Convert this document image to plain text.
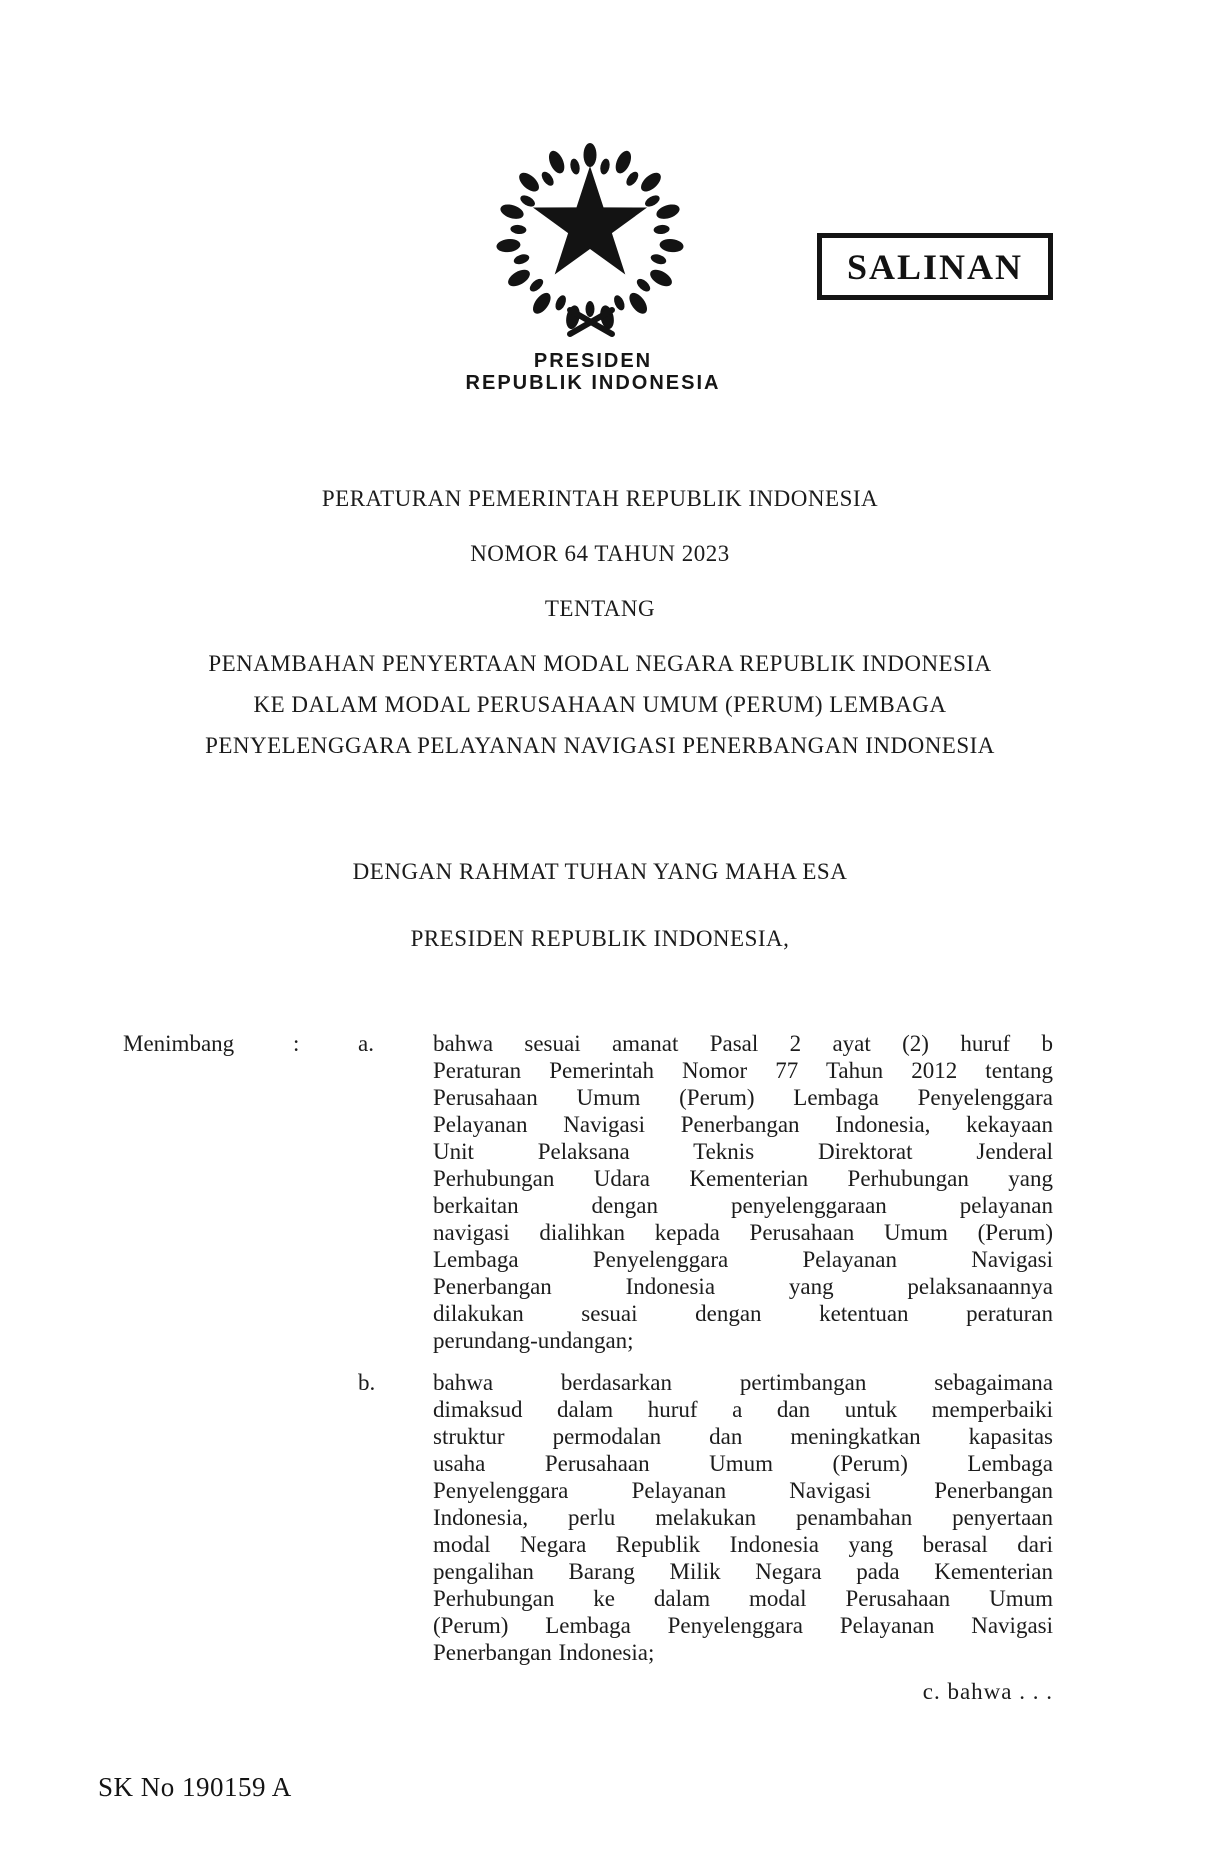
SALINAN
PRESIDEN
REPUBLIK INDONESIA
PERATURAN PEMERINTAH REPUBLIK INDONESIA
NOMOR 64 TAHUN 2023
TENTANG
PENAMBAHAN PENYERTAAN MODAL NEGARA REPUBLIK INDONESIA
KE DALAM MODAL PERUSAHAAN UMUM (PERUM) LEMBAGA
PENYELENGGARA PELAYANAN NAVIGASI PENERBANGAN INDONESIA
DENGAN RAHMAT TUHAN YANG MAHA ESA
PRESIDEN REPUBLIK INDONESIA,
Menimbang	:	a.	bahwa sesuai amanat Pasal 2 ayat (2) huruf b
Peraturan Pemerintah Nomor 77 Tahun 2012 tentang
Perusahaan Umum (Perum) Lembaga Penyelenggara
Pelayanan Navigasi Penerbangan Indonesia, kekayaan
Unit Pelaksana Teknis Direktorat Jenderal
Perhubungan Udara Kementerian Perhubungan yang
berkaitan dengan penyelenggaraan pelayanan
navigasi dialihkan kepada Perusahaan Umum (Perum)
Lembaga Penyelenggara Pelayanan Navigasi
Penerbangan Indonesia yang pelaksanaannya
dilakukan sesuai dengan ketentuan peraturan
perundang-undangan;
b.	bahwa berdasarkan pertimbangan sebagaimana
dimaksud dalam huruf a dan untuk memperbaiki
struktur permodalan dan meningkatkan kapasitas
usaha Perusahaan Umum (Perum) Lembaga
Penyelenggara Pelayanan Navigasi Penerbangan
Indonesia, perlu melakukan penambahan penyertaan
modal Negara Republik Indonesia yang berasal dari
pengalihan Barang Milik Negara pada Kementerian
Perhubungan ke dalam modal Perusahaan Umum
(Perum) Lembaga Penyelenggara Pelayanan Navigasi
Penerbangan Indonesia;
c. bahwa . . .
SK No 190159 A
